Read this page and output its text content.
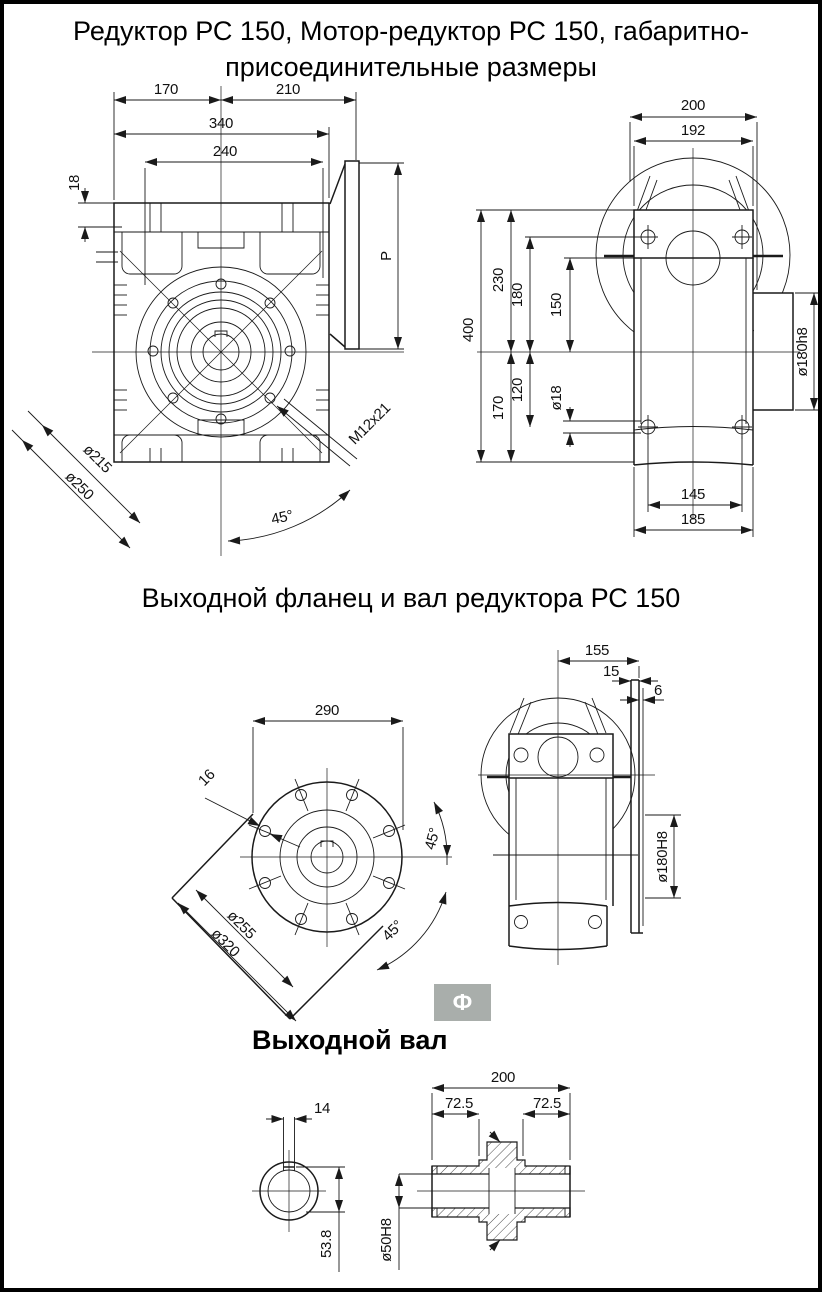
170	210
340
240
18
P
ø215
ø250
45°
M12x21
200
192
400
230
180 150
170
120 ø18
ø180h8
145
185
290
16
ø255
ø320
45°
45°
155
15
6
ø180H8
14
53.8
200
72.5	72.5
ø50H8
Редуктор РС 150, Мотор-редуктор РС 150, габаритно-
присоединительные размеры
Выходной фланец и вал редуктора РС 150
Ф
Выходной вал
